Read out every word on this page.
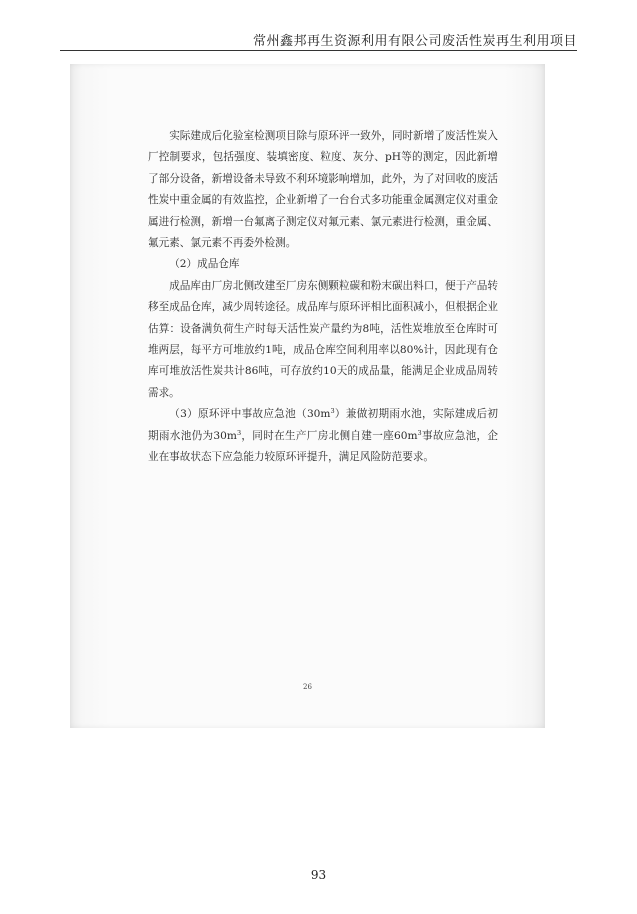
常州鑫邦再生资源利用有限公司废活性炭再生利用项目

实际建成后化验室检测项目除与原环评一致外，同时新增了废活性炭入厂控制要求，包括强度、装填密度、粒度、灰分、pH等的测定，因此新增了部分设备，新增设备未导致不利环境影响增加，此外，为了对回收的废活性炭中重金属的有效监控，企业新增了一台台式多功能重金属测定仪对重金属进行检测，新增一台氟离子测定仪对氟元素、氯元素进行检测，重金属、氟元素、氯元素不再委外检测。

（2）成品仓库

成品库由厂房北侧改建至厂房东侧颗粒碳和粉末碳出料口，便于产品转移至成品仓库，减少周转途径。成品库与原环评相比面积减小，但根据企业估算：设备满负荷生产时每天活性炭产量约为8吨，活性炭堆放至仓库时可堆两层，每平方可堆放约1吨，成品仓库空间利用率以80%计，因此现有仓库可堆放活性炭共计86吨，可存放约10天的成品量，能满足企业成品周转需求。

（3）原环评中事故应急池$(30m^3)$兼做初期雨水池，实际建成后初期雨水池仍为$30m^3$，同时在生产厂房北侧自建一座$60m^3$事故应急池，企业在事故状态下应急能力较原环评提升，满足风险防范要求。

26
93
